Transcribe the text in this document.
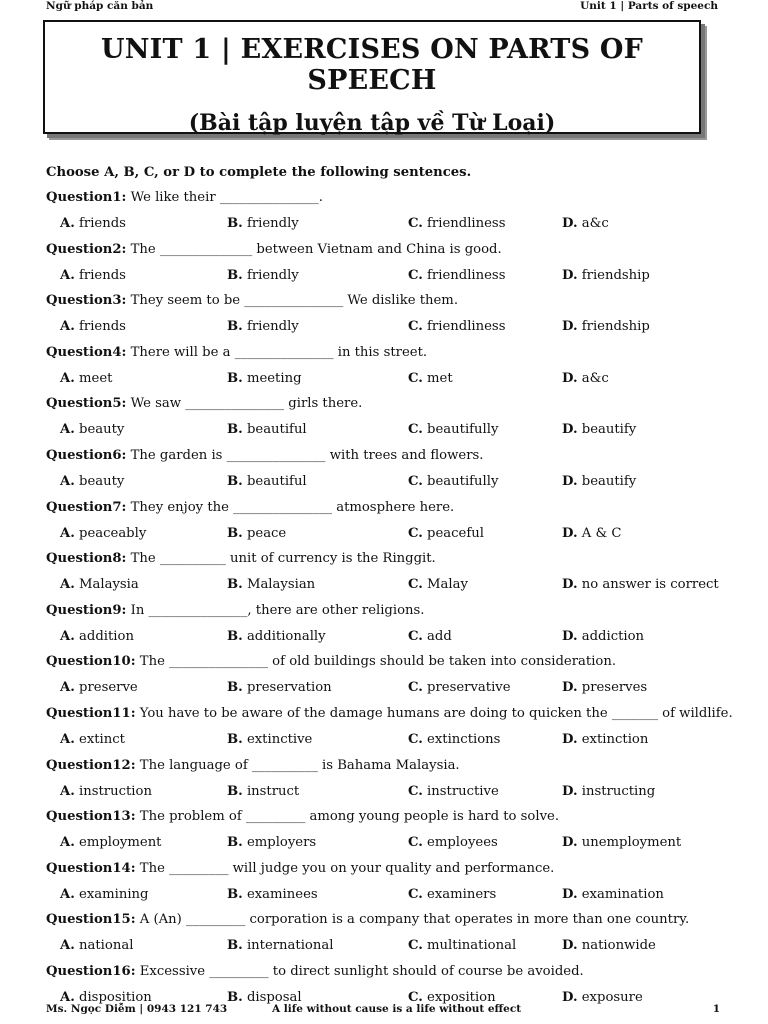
Ngữ pháp căn bản	Unit 1 | Parts of speech
UNIT 1 | EXERCISES ON PARTS OF SPEECH
(Bài tập luyện tập về Từ Loại)
Choose A, B, C, or D to complete the following sentences.
Question1: We like their _______________.
A. friends	B. friendly	C. friendliness	D. a&c
Question2: The ______________ between Vietnam and China is good.
A. friends	B. friendly	C. friendliness	D. friendship
Question3: They seem to be _______________ We dislike them.
A. friends	B. friendly	C. friendliness	D. friendship
Question4: There will be a _______________ in this street.
A. meet	B. meeting	C. met	D. a&c
Question5: We saw _______________ girls there.
A. beauty	B. beautiful	C. beautifully	D. beautify
Question6: The garden is _______________ with trees and flowers.
A. beauty	B. beautiful	C. beautifully	D. beautify
Question7: They enjoy the _______________ atmosphere here.
A. peaceably	B. peace	C. peaceful	D. A & C
Question8: The __________ unit of currency is the Ringgit.
A. Malaysia	B. Malaysian	C. Malay	D. no answer is correct
Question9: In _______________, there are other religions.
A. addition	B. additionally	C. add	D. addiction
Question10: The _______________ of old buildings should be taken into consideration.
A. preserve	B. preservation	C. preservative	D. preserves
Question11: You have to be aware of the damage humans are doing to quicken the _______ of wildlife.
A. extinct	B. extinctive	C. extinctions	D. extinction
Question12: The language of __________ is Bahama Malaysia.
A. instruction	B. instruct	C. instructive	D. instructing
Question13: The problem of _________ among young people is hard to solve.
A. employment	B. employers	C. employees	D. unemployment
Question14: The _________ will judge you on your quality and performance.
A. examining	B. examinees	C. examiners	D. examination
Question15: A (An) _________ corporation is a company that operates in more than one country.
A. national	B. international	C. multinational	D. nationwide
Question16: Excessive _________ to direct sunlight should of course be avoided.
A. disposition	B. disposal	C. exposition	D. exposure
Ms. Ngọc Diễm | 0943 121 743	A life without cause is a life without effect	1
